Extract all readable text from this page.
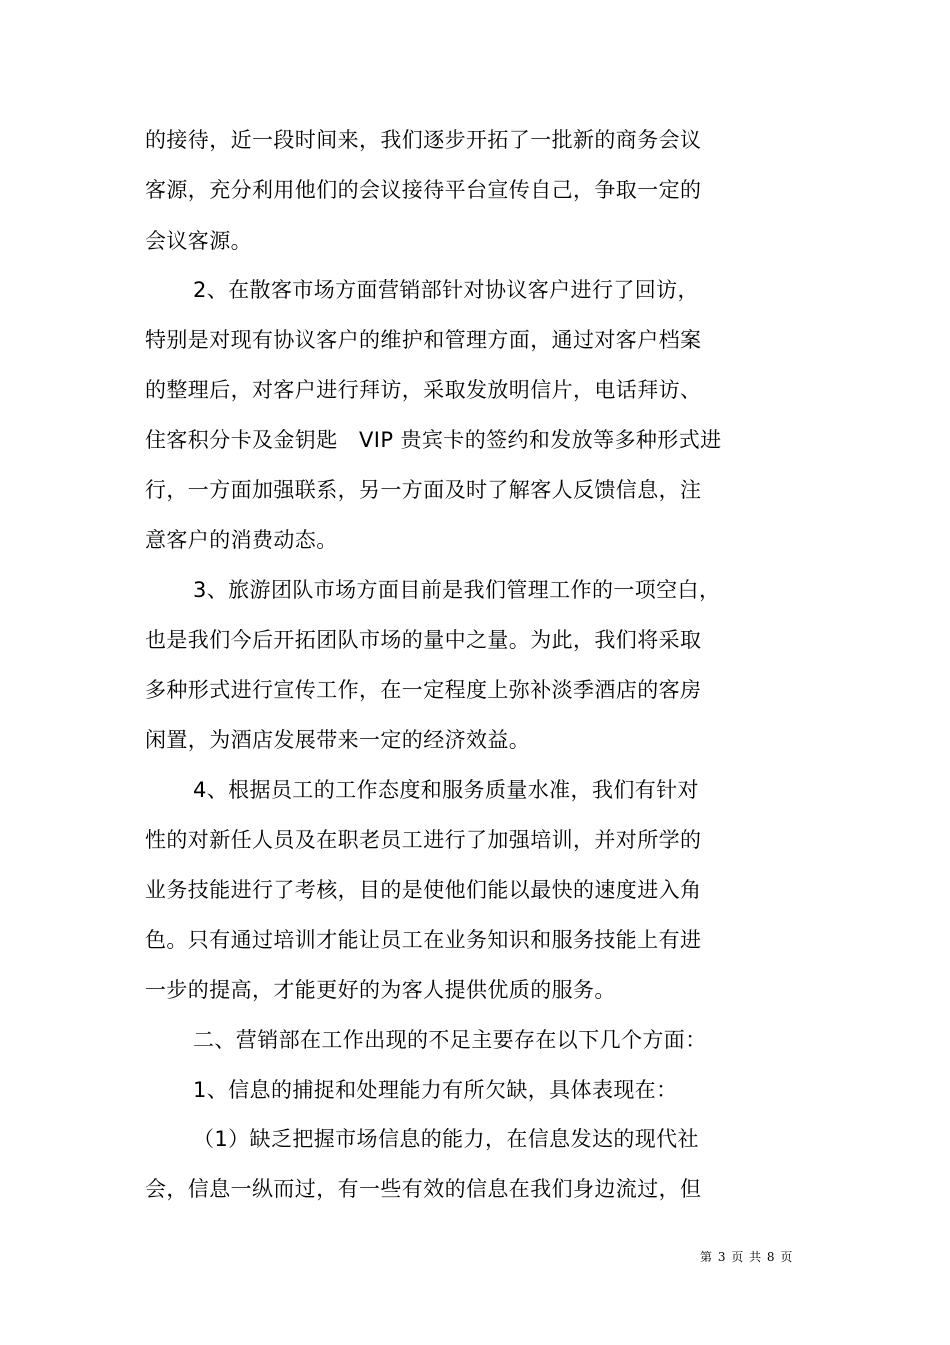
的接待，近一段时间来，我们逐步开拓了一批新的商务会议
客源，充分利用他们的会议接待平台宣传自己，争取一定的
会议客源。
2、在散客市场方面营销部针对协议客户进行了回访，
特别是对现有协议客户的维护和管理方面，通过对客户档案
的整理后，对客户进行拜访，采取发放明信片，电话拜访、
住客积分卡及金钥匙　VIP 贵宾卡的签约和发放等多种形式进
行，一方面加强联系，另一方面及时了解客人反馈信息，注
意客户的消费动态。
3、旅游团队市场方面目前是我们管理工作的一项空白，
也是我们今后开拓团队市场的量中之量。为此，我们将采取
多种形式进行宣传工作，在一定程度上弥补淡季酒店的客房
闲置，为酒店发展带来一定的经济效益。
4、根据员工的工作态度和服务质量水准，我们有针对
性的对新任人员及在职老员工进行了加强培训，并对所学的
业务技能进行了考核，目的是使他们能以最快的速度进入角
色。只有通过培训才能让员工在业务知识和服务技能上有进
一步的提高，才能更好的为客人提供优质的服务。
二、营销部在工作出现的不足主要存在以下几个方面：
1、信息的捕捉和处理能力有所欠缺，具体表现在：
（1）缺乏把握市场信息的能力，在信息发达的现代社
会，信息一纵而过，有一些有效的信息在我们身边流过，但
第 3 页 共 8 页
